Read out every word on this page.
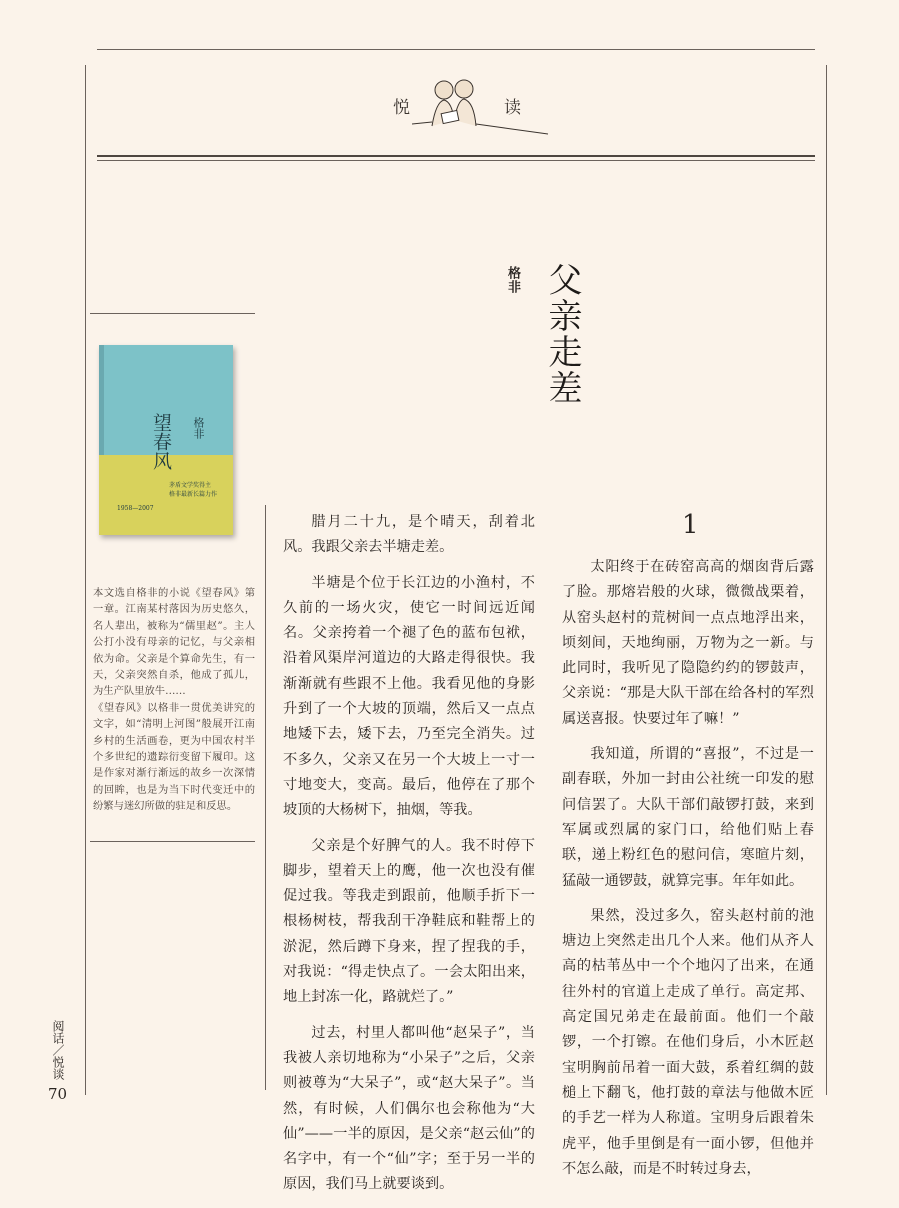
悦	读
父亲走差
格非
望春风 格非
茅盾文学奖得主
格非最新长篇力作
1958—2007

本文选自格非的小说《望春风》第一章。江南某村落因为历史悠久，名人辈出，被称为“儒里赵”。主人公打小没有母亲的记忆，与父亲相依为命。父亲是个算命先生，有一天，父亲突然自杀，他成了孤儿，为生产队里放牛……

《望春风》以格非一贯优美讲究的文字，如“清明上河图”般展开江南乡村的生活画卷，更为中国农村半个多世纪的遗踪衍变留下履印。这是作家对渐行渐远的故乡一次深情的回眸，也是为当下时代变迁中的纷繁与迷幻所做的驻足和反思。

腊月二十九，是个晴天，刮着北风。我跟父亲去半塘走差。

半塘是个位于长江边的小渔村，不久前的一场火灾，使它一时间远近闻名。父亲挎着一个褪了色的蓝布包袱，沿着风渠岸河道边的大路走得很快。我渐渐就有些跟不上他。我看见他的身影升到了一个大坡的顶端，然后又一点点地矮下去，矮下去，乃至完全消失。过不多久，父亲又在另一个大坡上一寸一寸地变大，变高。最后，他停在了那个坡顶的大杨树下，抽烟，等我。

父亲是个好脾气的人。我不时停下脚步，望着天上的鹰，他一次也没有催促过我。等我走到跟前，他顺手折下一根杨树枝，帮我刮干净鞋底和鞋帮上的淤泥，然后蹲下身来，捏了捏我的手，对我说：“得走快点了。一会太阳出来，地上封冻一化，路就烂了。”

过去，村里人都叫他“赵呆子”，当我被人亲切地称为“小呆子”之后，父亲则被尊为“大呆子”，或“赵大呆子”。当然，有时候，人们偶尔也会称他为“大仙”——一半的原因，是父亲“赵云仙”的名字中，有一个“仙”字；至于另一半的原因，我们马上就要谈到。

1

太阳终于在砖窑高高的烟囱背后露了脸。那熔岩般的火球，微微战栗着，从窑头赵村的荒树间一点点地浮出来，顷刻间，天地绚丽，万物为之一新。与此同时，我听见了隐隐约约的锣鼓声，父亲说：“那是大队干部在给各村的军烈属送喜报。快要过年了嘛！”

我知道，所谓的“喜报”，不过是一副春联，外加一封由公社统一印发的慰问信罢了。大队干部们敲锣打鼓，来到军属或烈属的家门口，给他们贴上春联，递上粉红色的慰问信，寒暄片刻，猛敲一通锣鼓，就算完事。年年如此。

果然，没过多久，窑头赵村前的池塘边上突然走出几个人来。他们从齐人高的枯苇丛中一个个地闪了出来，在通往外村的官道上走成了单行。高定邦、高定国兄弟走在最前面。他们一个敲锣，一个打镲。在他们身后，小木匠赵宝明胸前吊着一面大鼓，系着红绸的鼓槌上下翻飞，他打鼓的章法与他做木匠的手艺一样为人称道。宝明身后跟着朱虎平，他手里倒是有一面小锣，但他并不怎么敲，而是不时转过身去，

阅话／悦谈
70
